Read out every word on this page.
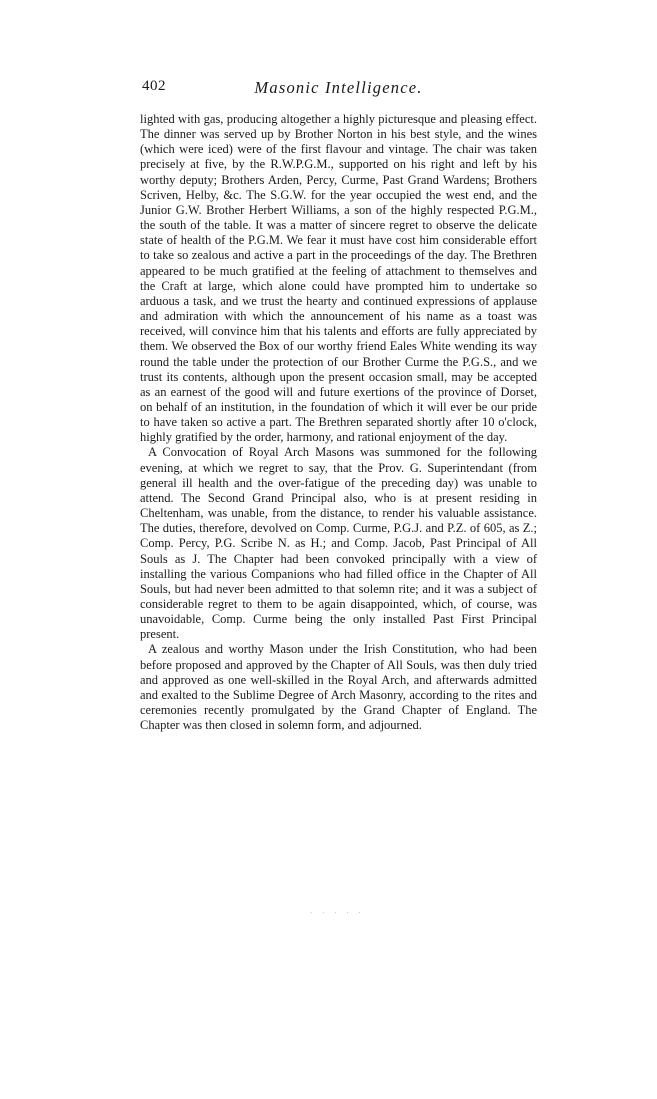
402	Masonic Intelligence.

lighted with gas, producing altogether a highly picturesque and pleasing effect. The dinner was served up by Brother Norton in his best style, and the wines (which were iced) were of the first flavour and vintage. The chair was taken precisely at five, by the R.W.P.G.M., supported on his right and left by his worthy deputy; Brothers Arden, Percy, Curme, Past Grand Wardens; Brothers Scriven, Helby, &c. The S.G.W. for the year occupied the west end, and the Junior G.W. Brother Herbert Williams, a son of the highly respected P.G.M., the south of the table. It was a matter of sincere regret to observe the delicate state of health of the P.G.M. We fear it must have cost him considerable effort to take so zealous and active a part in the proceedings of the day. The Brethren appeared to be much gratified at the feeling of attachment to themselves and the Craft at large, which alone could have prompted him to undertake so arduous a task, and we trust the hearty and continued expressions of applause and admiration with which the announcement of his name as a toast was received, will convince him that his talents and efforts are fully appreciated by them. We observed the Box of our worthy friend Eales White wending its way round the table under the protection of our Brother Curme the P.G.S., and we trust its contents, although upon the present occasion small, may be accepted as an earnest of the good will and future exertions of the province of Dorset, on behalf of an institution, in the foundation of which it will ever be our pride to have taken so active a part. The Brethren separated shortly after 10 o'clock, highly gratified by the order, harmony, and rational enjoyment of the day.

A Convocation of Royal Arch Masons was summoned for the following evening, at which we regret to say, that the Prov. G. Superintendant (from general ill health and the over-fatigue of the preceding day) was unable to attend. The Second Grand Principal also, who is at present residing in Cheltenham, was unable, from the distance, to render his valuable assistance. The duties, therefore, devolved on Comp. Curme, P.G.J. and P.Z. of 605, as Z.; Comp. Percy, P.G. Scribe N. as H.; and Comp. Jacob, Past Principal of All Souls as J. The Chapter had been convoked principally with a view of installing the various Companions who had filled office in the Chapter of All Souls, but had never been admitted to that solemn rite; and it was a subject of considerable regret to them to be again disappointed, which, of course, was unavoidable, Comp. Curme being the only installed Past First Principal present.

A zealous and worthy Mason under the Irish Constitution, who had been before proposed and approved by the Chapter of All Souls, was then duly tried and approved as one well-skilled in the Royal Arch, and afterwards admitted and exalted to the Sublime Degree of Arch Masonry, according to the rites and ceremonies recently promulgated by the Grand Chapter of England. The Chapter was then closed in solemn form, and adjourned.

· · · · ·
